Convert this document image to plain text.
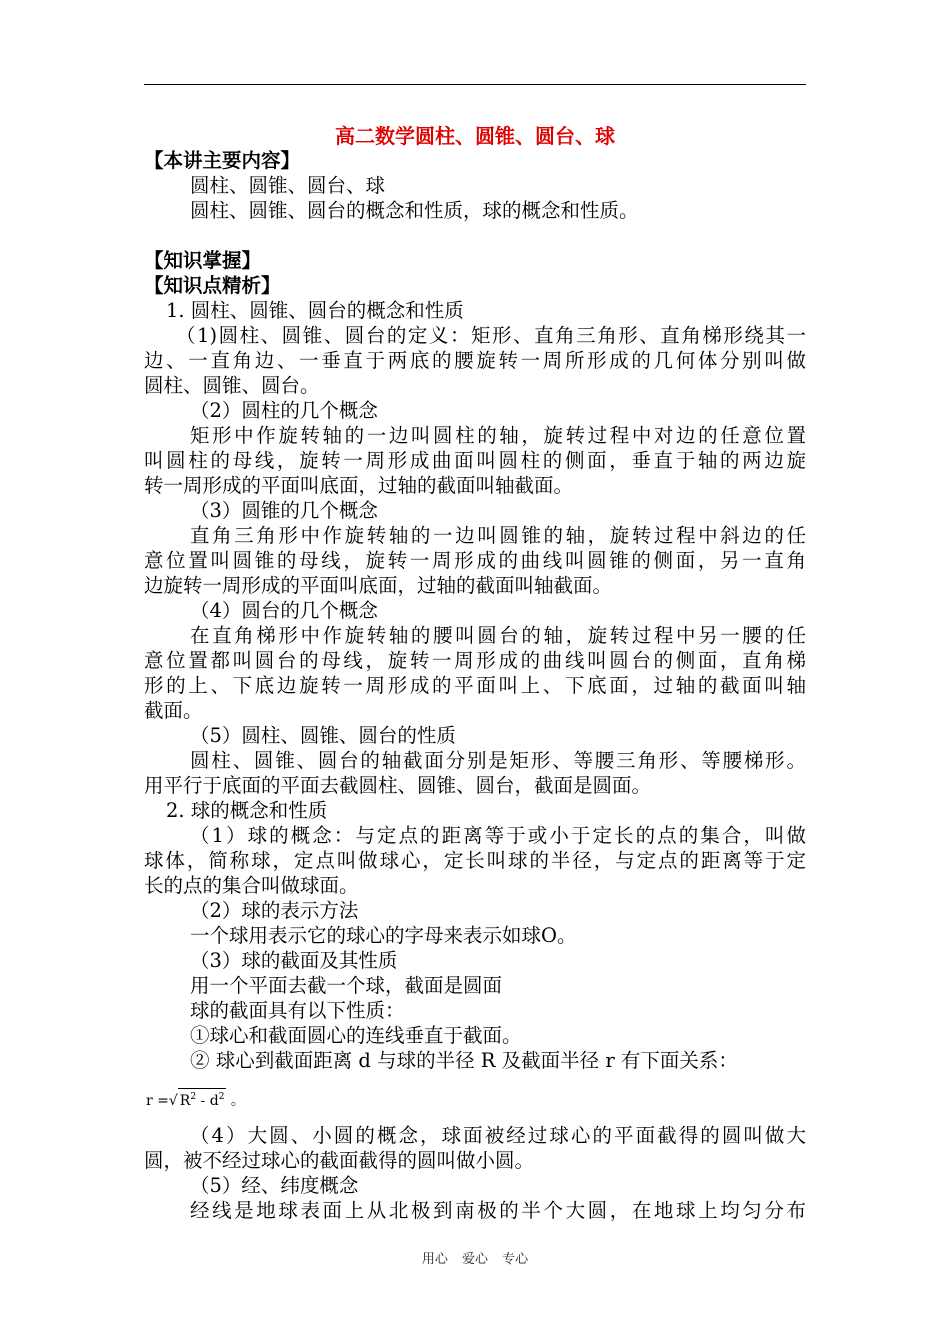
高二数学圆柱、圆锥、圆台、球
【本讲主要内容】
圆柱、圆锥、圆台、球
圆柱、圆锥、圆台的概念和性质，球的概念和性质。
【知识掌握】
【知识点精析】
1. 圆柱、圆锥、圆台的概念和性质
（1)圆柱、圆锥、圆台的定义：矩形、直角三角形、直角梯形绕其一
边、一直角边、一垂直于两底的腰旋转一周所形成的几何体分别叫做
圆柱、圆锥、圆台。
（2）圆柱的几个概念
矩形中作旋转轴的一边叫圆柱的轴，旋转过程中对边的任意位置
叫圆柱的母线，旋转一周形成曲面叫圆柱的侧面，垂直于轴的两边旋
转一周形成的平面叫底面，过轴的截面叫轴截面。
（3）圆锥的几个概念
直角三角形中作旋转轴的一边叫圆锥的轴，旋转过程中斜边的任
意位置叫圆锥的母线，旋转一周形成的曲线叫圆锥的侧面，另一直角
边旋转一周形成的平面叫底面，过轴的截面叫轴截面。
（4）圆台的几个概念
在直角梯形中作旋转轴的腰叫圆台的轴，旋转过程中另一腰的任
意位置都叫圆台的母线，旋转一周形成的曲线叫圆台的侧面，直角梯
形的上、下底边旋转一周形成的平面叫上、下底面，过轴的截面叫轴
截面。
（5）圆柱、圆锥、圆台的性质
圆柱、圆锥、圆台的轴截面分别是矩形、等腰三角形、等腰梯形。
用平行于底面的平面去截圆柱、圆锥、圆台，截面是圆面。
2. 球的概念和性质
（1）球的概念：与定点的距离等于或小于定长的点的集合，叫做
球体，简称球，定点叫做球心，定长叫球的半径，与定点的距离等于定
长的点的集合叫做球面。
（2）球的表示方法
一个球用表示它的球心的字母来表示如球O。
（3）球的截面及其性质
用一个平面去截一个球，截面是圆面
球的截面具有以下性质：
①球心和截面圆心的连线垂直于截面。
② 球心到截面距离 d 与球的半径 R 及截面半径 r 有下面关系：
r =√ $R^2 - d^2$ 。
（4）大圆、小圆的概念，球面被经过球心的平面截得的圆叫做大
圆，被不经过球心的截面截得的圆叫做小圆。
（5）经、纬度概念
经线是地球表面上从北极到南极的半个大圆，在地球上均匀分布
用心 爱心 专心
